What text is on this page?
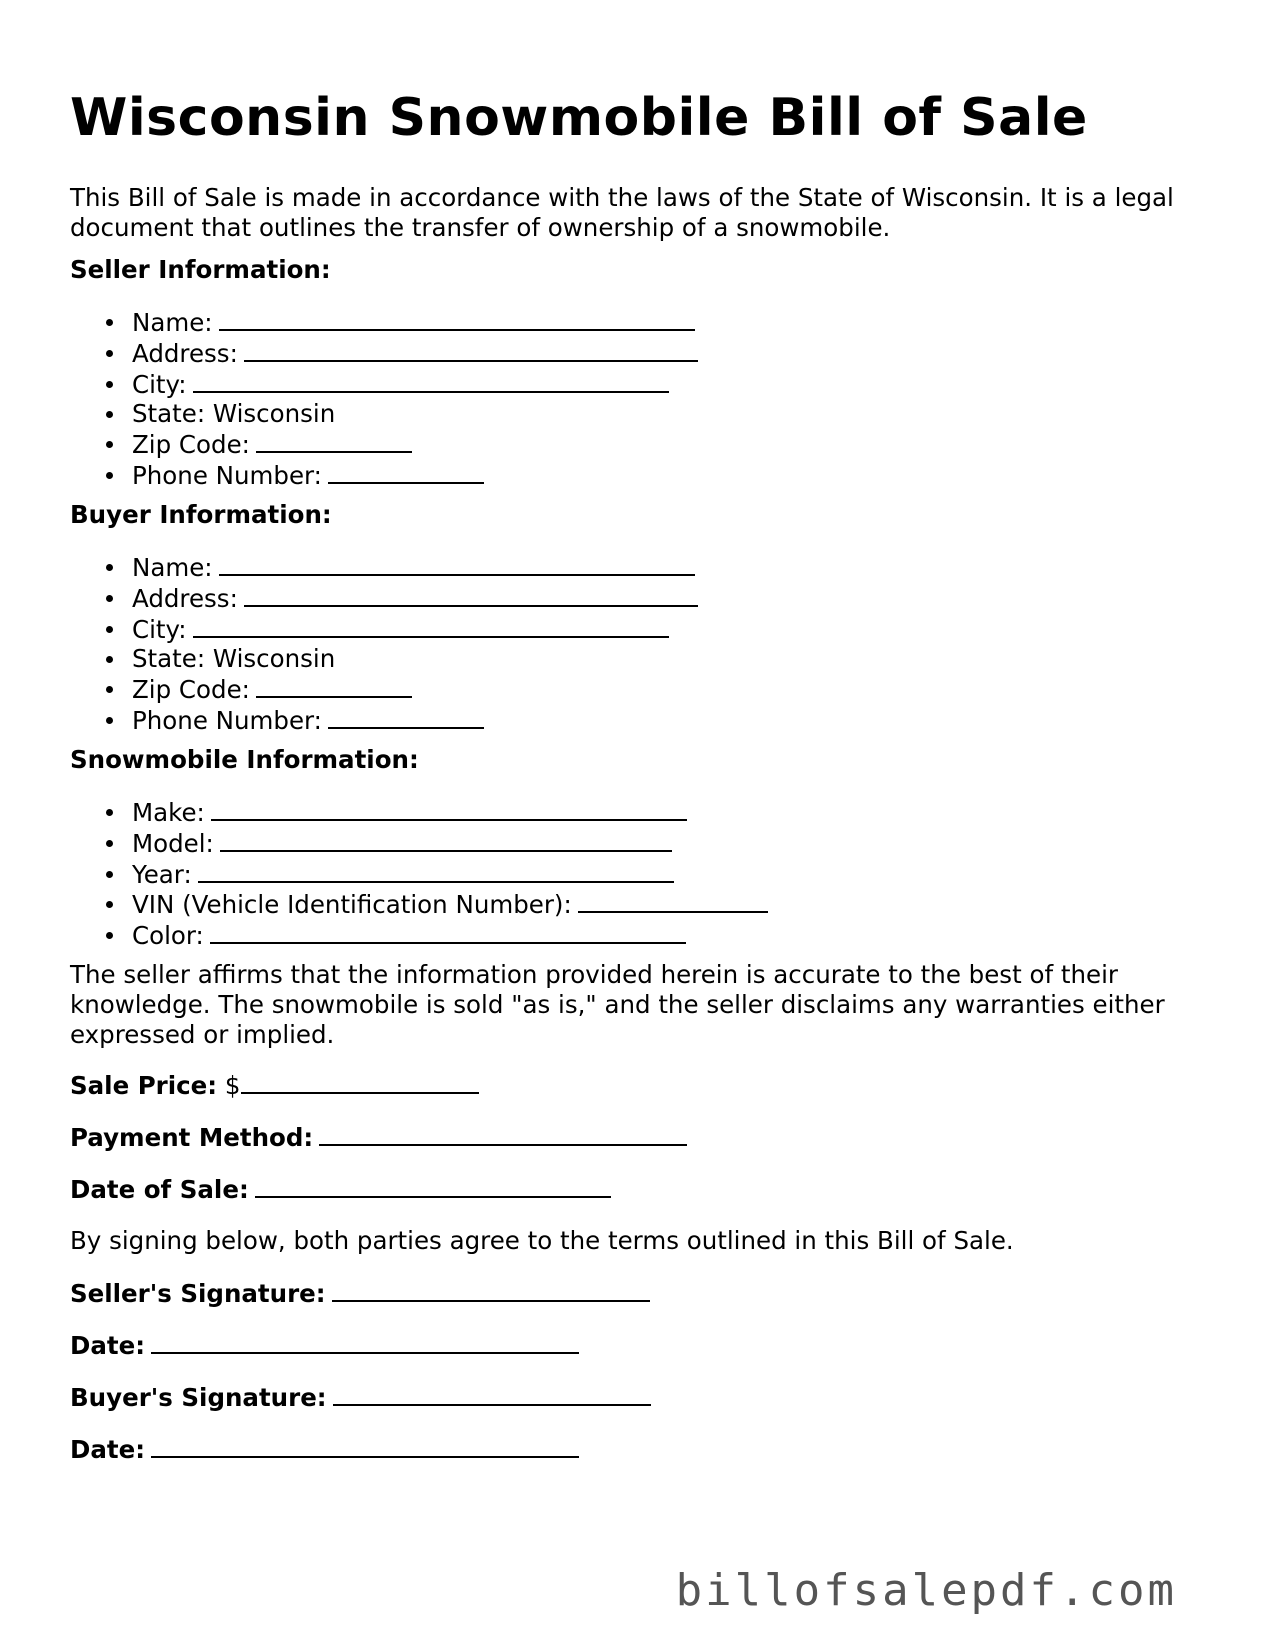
Wisconsin Snowmobile Bill of Sale

This Bill of Sale is made in accordance with the laws of the State of Wisconsin. It is a legal document that outlines the transfer of ownership of a snowmobile.

Seller Information:
Name:
Address:
City:
State: Wisconsin
Zip Code:
Phone Number:
Buyer Information:
Name:
Address:
City:
State: Wisconsin
Zip Code:
Phone Number:
Snowmobile Information:
Make:
Model:
Year:
VIN (Vehicle Identification Number):
Color:

The seller affirms that the information provided herein is accurate to the best of their knowledge. The snowmobile is sold "as is," and the seller disclaims any warranties either expressed or implied.

Sale Price: $
Payment Method:
Date of Sale:

By signing below, both parties agree to the terms outlined in this Bill of Sale.

Seller's Signature:
Date:
Buyer's Signature:
Date:
billofsalepdf.com
